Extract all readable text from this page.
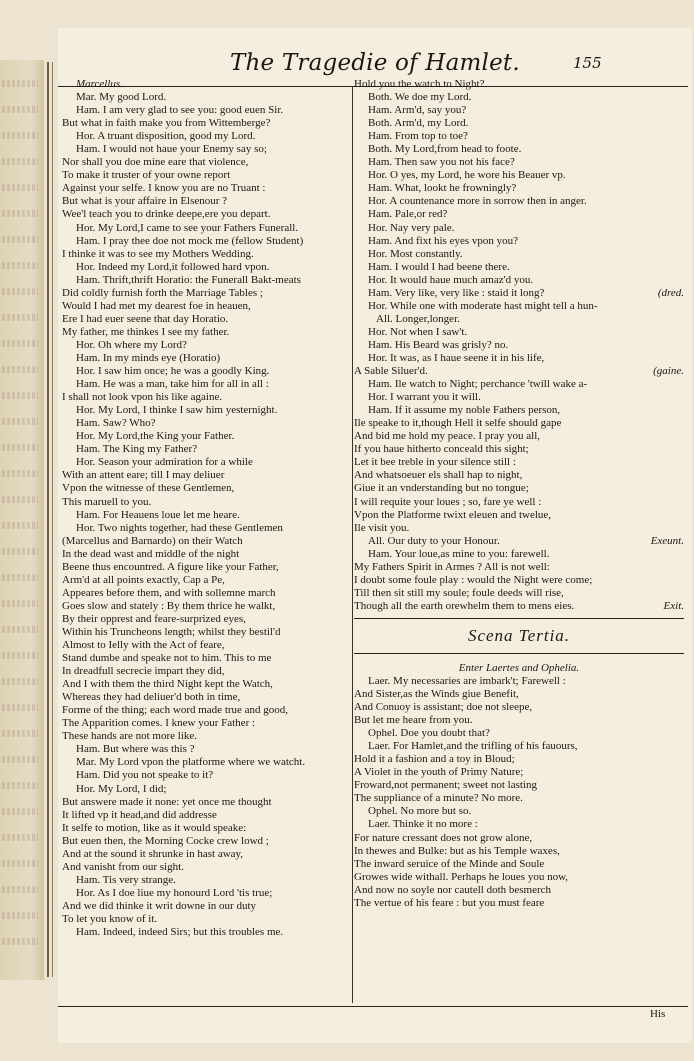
The Tragedie of Hamlet.	155
Marcellus.
Mar. My good Lord.
Ham. I am very glad to see you: good euen Sir.
But what in faith make you from Wittemberge?
Hor. A truant disposition, good my Lord.
Ham. I would not haue your Enemy say so;
Nor shall you doe mine eare that violence,
To make it truster of your owne report
Against your selfe. I know you are no Truant :
But what is your affaire in Elsenour ?
Wee'l teach you to drinke deepe,ere you depart.
Hor. My Lord,I came to see your Fathers Funerall.
Ham. I pray thee doe not mock me (fellow Student)
I thinke it was to see my Mothers Wedding.
Hor. Indeed my Lord,it followed hard vpon.
Ham. Thrift,thrift Horatio: the Funerall Bakt-meats
Did coldly furnish forth the Marriage Tables ;
Would I had met my dearest foe in heauen,
Ere I had euer seene that day Horatio.
My father, me thinkes I see my father.
Hor. Oh where my Lord?
Ham. In my minds eye (Horatio)
Hor. I saw him once; he was a goodly King.
Ham. He was a man, take him for all in all :
I shall not look vpon his like againe.
Hor. My Lord, I thinke I saw him yesternight.
Ham. Saw? Who?
Hor. My Lord,the King your Father.
Ham. The King my Father?
Hor. Season your admiration for a while
With an attent eare; till I may deliuer
Vpon the witnesse of these Gentlemen,
This maruell to you.
Ham. For Heauens loue let me heare.
Hor. Two nights together, had these Gentlemen
(Marcellus and Barnardo) on their Watch
In the dead wast and middle of the night
Beene thus encountred. A figure like your Father,
Arm'd at all points exactly, Cap a Pe,
Appeares before them, and with sollemne march
Goes slow and stately : By them thrice he walkt,
By their opprest and feare-surprized eyes,
Within his Truncheons length; whilst they bestil'd
Almost to Ielly with the Act of feare,
Stand dumbe and speake not to him. This to me
In dreadfull secrecie impart they did,
And I with them the third Night kept the Watch,
Whereas they had deliuer'd both in time,
Forme of the thing; each word made true and good,
The Apparition comes. I knew your Father :
These hands are not more like.
Ham. But where was this ?
Mar. My Lord vpon the platforme where we watcht.
Ham. Did you not speake to it?
Hor. My Lord, I did;
But answere made it none: yet once me thought
It lifted vp it head,and did addresse
It selfe to motion, like as it would speake:
But euen then, the Morning Cocke crew lowd ;
And at the sound it shrunke in hast away,
And vanisht from our sight.
Ham. Tis very strange.
Hor. As I doe liue my honourd Lord 'tis true;
And we did thinke it writ downe in our duty
To let you know of it.
Ham. Indeed, indeed Sirs; but this troubles me.
Hold you the watch to Night?
Both. We doe my Lord.
Ham. Arm'd, say you?
Both. Arm'd, my Lord.
Ham. From top to toe?
Both. My Lord,from head to foote.
Ham. Then saw you not his face?
Hor. O yes, my Lord, he wore his Beauer vp.
Ham. What, lookt he frowningly?
Hor. A countenance more in sorrow then in anger.
Ham. Pale,or red?
Hor. Nay very pale.
Ham. And fixt his eyes vpon you?
Hor. Most constantly.
Ham. I would I had beene there.
Hor. It would haue much amaz'd you.
Ham. Very like, very like : staid it long?	(dred.
Hor. While one with moderate hast might tell a hun-
All. Longer,longer.
Hor. Not when I saw't.
Ham. His Beard was grisly? no.
Hor. It was, as I haue seene it in his life,
A Sable Siluer'd.	(gaine.
Ham. Ile watch to Night; perchance 'twill wake a-
Hor. I warrant you it will.
Ham. If it assume my noble Fathers person,
Ile speake to it,though Hell it selfe should gape
And bid me hold my peace. I pray you all,
If you haue hitherto conceald this sight;
Let it bee treble in your silence still :
And whatsoeuer els shall hap to night,
Giue it an vnderstanding but no tongue;
I will requite your loues ; so, fare ye well :
Vpon the Platforme twixt eleuen and twelue,
Ile visit you.
All. Our duty to your Honour.	Exeunt.
Ham. Your loue,as mine to you: farewell.
My Fathers Spirit in Armes ? All is not well:
I doubt some foule play : would the Night were come;
Till then sit still my soule; foule deeds will rise,
Though all the earth orewhelm them to mens eies.	Exit.
Scena Tertia.
Enter Laertes and Ophelia.
Laer. My necessaries are imbark't; Farewell :
And Sister,as the Winds giue Benefit,
And Conuoy is assistant; doe not sleepe,
But let me heare from you.
Ophel. Doe you doubt that?
Laer. For Hamlet,and the trifling of his fauours,
Hold it a fashion and a toy in Bloud;
A Violet in the youth of Primy Nature;
Froward,not permanent; sweet not lasting
The suppliance of a minute? No more.
Ophel. No more but so.
Laer. Thinke it no more :
For nature cressant does not grow alone,
In thewes and Bulke: but as his Temple waxes,
The inward seruice of the Minde and Soule
Growes wide withall. Perhaps he loues you now,
And now no soyle nor cautell doth besmerch
The vertue of his feare : but you must feare
His
